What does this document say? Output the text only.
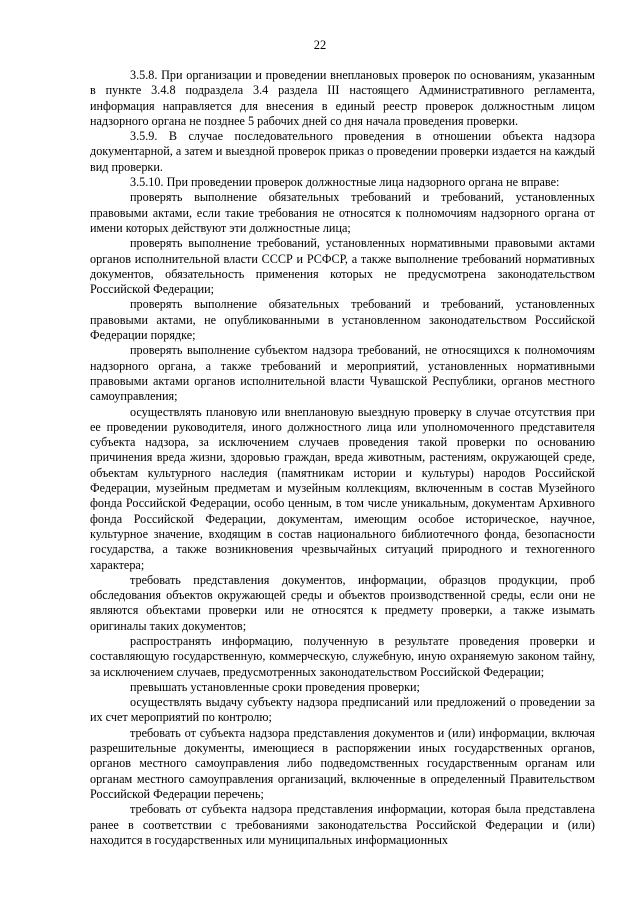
22

3.5.8. При организации и проведении внеплановых проверок по основаниям, указанным в пункте 3.4.8 подраздела 3.4 раздела III настоящего Административного регламента, информация направляется для внесения в единый реестр проверок должностным лицом надзорного органа не позднее 5 рабочих дней со дня начала проведения проверки.

3.5.9. В случае последовательного проведения в отношении объекта надзора документарной, а затем и выездной проверок приказ о проведении проверки издается на каждый вид проверки.

3.5.10. При проведении проверок должностные лица надзорного органа не вправе:

проверять выполнение обязательных требований и требований, установленных правовыми актами, если такие требования не относятся к полномочиям надзорного органа от имени которых действуют эти должностные лица;

проверять выполнение требований, установленных нормативными правовыми актами органов исполнительной власти СССР и РСФСР, а также выполнение требований нормативных документов, обязательность применения которых не предусмотрена законодательством Российской Федерации;

проверять выполнение обязательных требований и требований, установленных правовыми актами, не опубликованными в установленном законодательством Российской Федерации порядке;

проверять выполнение субъектом надзора требований, не относящихся к полномочиям надзорного органа, а также требований и мероприятий, установленных нормативными правовыми актами органов исполнительной власти Чувашской Республики, органов местного самоуправления;

осуществлять плановую или внеплановую выездную проверку в случае отсутствия при ее проведении руководителя, иного должностного лица или уполномоченного представителя субъекта надзора, за исключением случаев проведения такой проверки по основанию причинения вреда жизни, здоровью граждан, вреда животным, растениям, окружающей среде, объектам культурного наследия (памятникам истории и культуры) народов Российской Федерации, музейным предметам и музейным коллекциям, включенным в состав Музейного фонда Российской Федерации, особо ценным, в том числе уникальным, документам Архивного фонда Российской Федерации, документам, имеющим особое историческое, научное, культурное значение, входящим в состав национального библиотечного фонда, безопасности государства, а также возникновения чрезвычайных ситуаций природного и техногенного характера;

требовать представления документов, информации, образцов продукции, проб обследования объектов окружающей среды и объектов производственной среды, если они не являются объектами проверки или не относятся к предмету проверки, а также изымать оригиналы таких документов;

распространять информацию, полученную в результате проведения проверки и составляющую государственную, коммерческую, служебную, иную охраняемую законом тайну, за исключением случаев, предусмотренных законодательством Российской Федерации;

превышать установленные сроки проведения проверки;

осуществлять выдачу субъекту надзора предписаний или предложений о проведении за их счет мероприятий по контролю;

требовать от субъекта надзора представления документов и (или) информации, включая разрешительные документы, имеющиеся в распоряжении иных государственных органов, органов местного самоуправления либо подведомственных государственным органам или органам местного самоуправления организаций, включенные в определенный Правительством Российской Федерации перечень;

требовать от субъекта надзора представления информации, которая была представлена ранее в соответствии с требованиями законодательства Российской Федерации и (или) находится в государственных или муниципальных информационных
